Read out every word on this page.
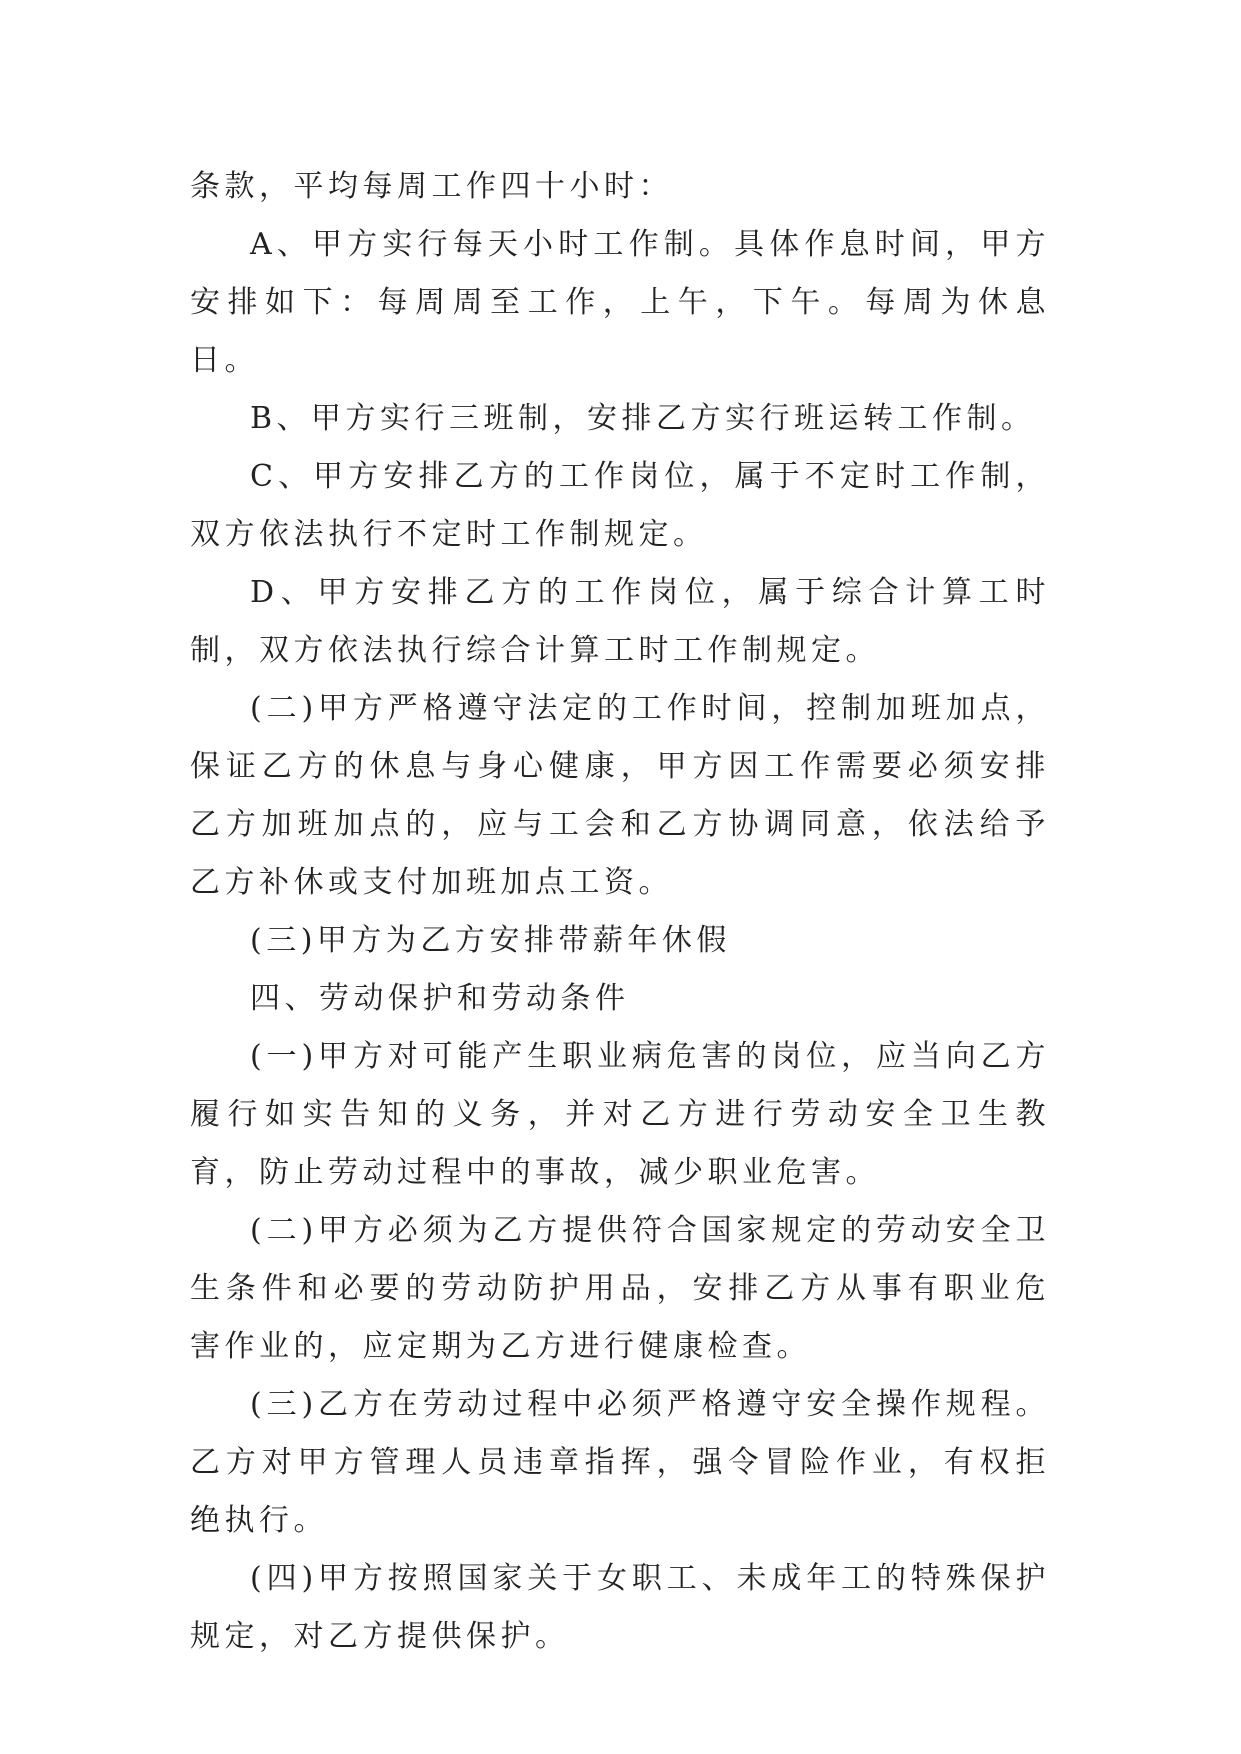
条款，平均每周工作四十小时：

A、甲方实行每天小时工作制。具体作息时间，甲方安排如下：每周周至工作，上午，下午。每周为休息日。

B、甲方实行三班制，安排乙方实行班运转工作制。

C、甲方安排乙方的工作岗位，属于不定时工作制，双方依法执行不定时工作制规定。

D、甲方安排乙方的工作岗位，属于综合计算工时制，双方依法执行综合计算工时工作制规定。

(二)甲方严格遵守法定的工作时间，控制加班加点，保证乙方的休息与身心健康，甲方因工作需要必须安排乙方加班加点的，应与工会和乙方协调同意，依法给予乙方补休或支付加班加点工资。

(三)甲方为乙方安排带薪年休假

四、劳动保护和劳动条件

(一)甲方对可能产生职业病危害的岗位，应当向乙方履行如实告知的义务，并对乙方进行劳动安全卫生教育，防止劳动过程中的事故，减少职业危害。

(二)甲方必须为乙方提供符合国家规定的劳动安全卫生条件和必要的劳动防护用品，安排乙方从事有职业危害作业的，应定期为乙方进行健康检查。

(三)乙方在劳动过程中必须严格遵守安全操作规程。乙方对甲方管理人员违章指挥，强令冒险作业，有权拒绝执行。

(四)甲方按照国家关于女职工、未成年工的特殊保护规定，对乙方提供保护。
